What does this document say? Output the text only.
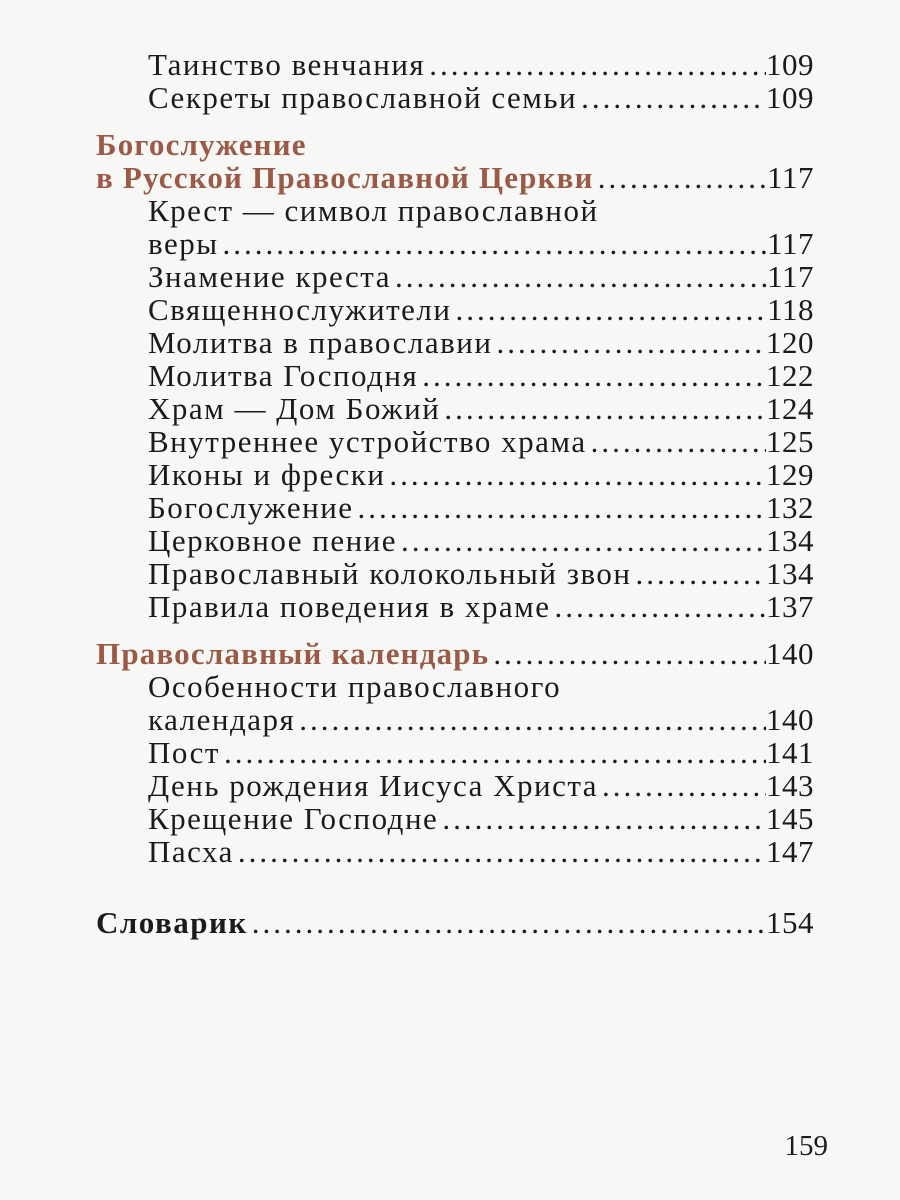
Таинство венчания .....	109
Секреты православной семьи .....	109
Богослужение
в Русской Православной Церкви .....	117
Крест — символ православной
веры .....	117
Знамение креста .....	117
Священнослужители .....	118
Молитва в православии .....	120
Молитва Господня .....	122
Храм — Дом Божий .....	124
Внутреннее устройство храма .....	125
Иконы и фрески .....	129
Богослужение .....	132
Церковное пение .....	134
Православный колокольный звон .....	134
Правила поведения в храме .....	137
Православный календарь .....	140
Особенности православного
календаря .....	140
Пост .....	141
День рождения Иисуса Христа .....	143
Крещение Господне .....	145
Пасха .....	147
Словарик .....	154
159
